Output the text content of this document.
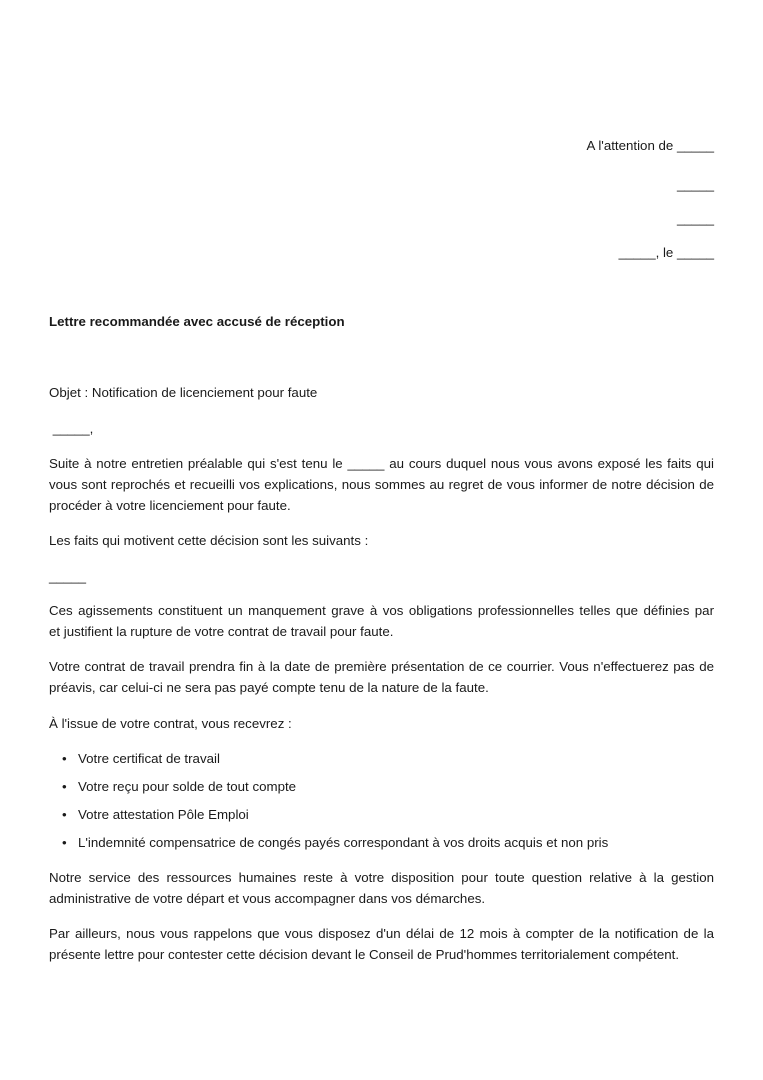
A l'attention de _____
_____
_____
_____, le _____
Lettre recommandée avec accusé de réception
Objet : Notification de licenciement pour faute
_____,

Suite à notre entretien préalable qui s'est tenu le _____ au cours duquel nous vous avons exposé les faits qui vous sont reprochés et recueilli vos explications, nous sommes au regret de vous informer de notre décision de procéder à votre licenciement pour faute.

Les faits qui motivent cette décision sont les suivants :

_____

Ces agissements constituent un manquement grave à vos obligations professionnelles telles que définies par    et justifient la rupture de votre contrat de travail pour faute.

Votre contrat de travail prendra fin à la date de première présentation de ce courrier. Vous n'effectuerez pas de préavis, car celui-ci ne sera pas payé compte tenu de la nature de la faute.

À l'issue de votre contrat, vous recevrez :

• Votre certificat de travail
• Votre reçu pour solde de tout compte
• Votre attestation Pôle Emploi
• L'indemnité compensatrice de congés payés correspondant à vos droits acquis et non pris

Notre service des ressources humaines reste à votre disposition pour toute question relative à la gestion administrative de votre départ et vous accompagner dans vos démarches.

Par ailleurs, nous vous rappelons que vous disposez d'un délai de 12 mois à compter de la notification de la présente lettre pour contester cette décision devant le Conseil de Prud'hommes territorialement compétent.
